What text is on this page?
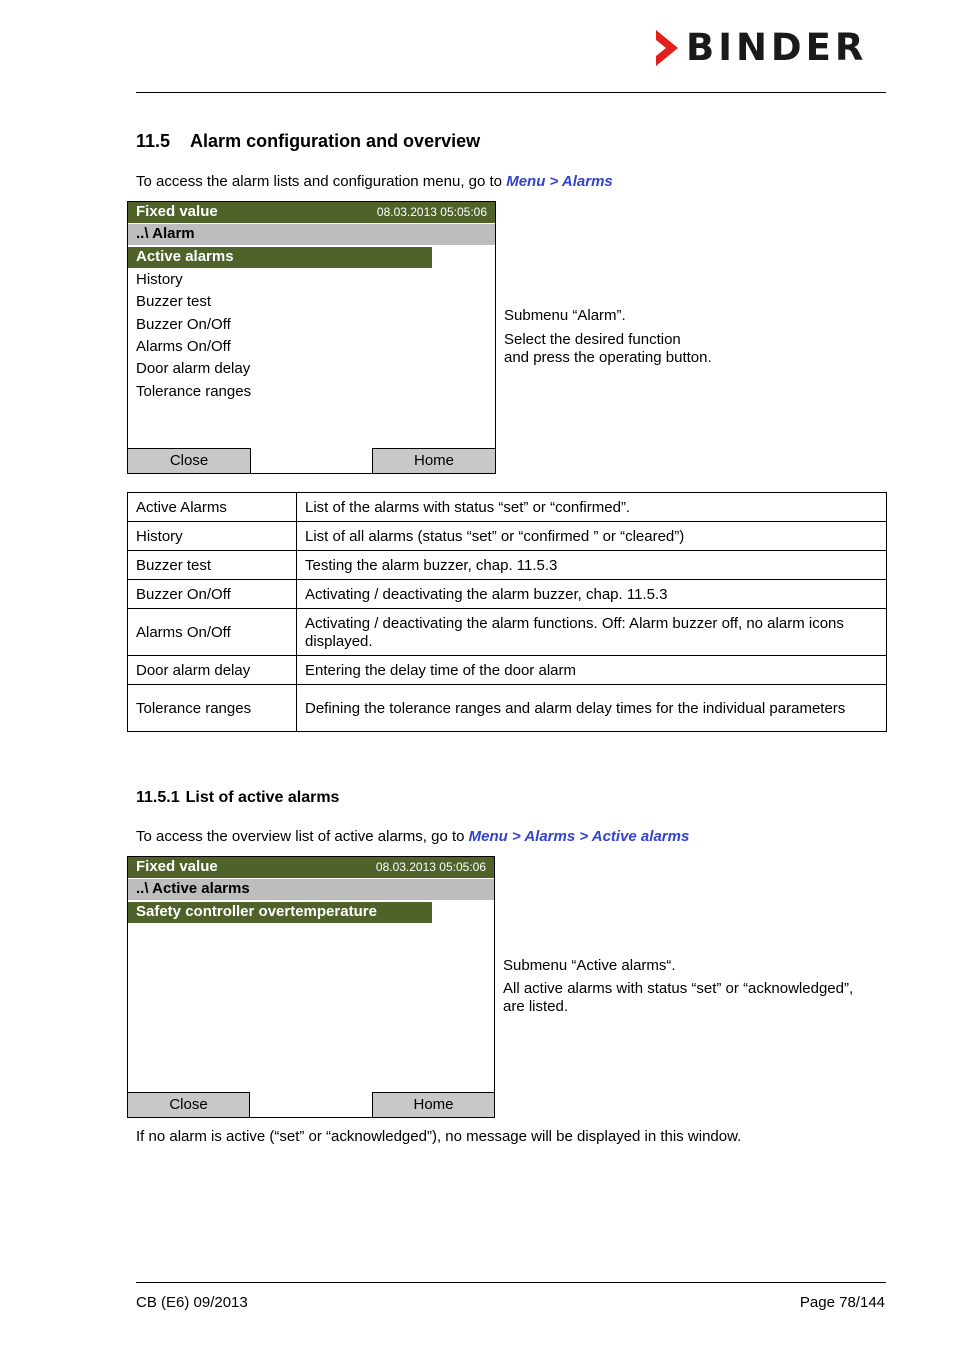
BINDER
11.5 Alarm configuration and overview
To access the alarm lists and configuration menu, go to Menu > Alarms
Fixed value	08.03.2013 05:05:06
..\ Alarm
Active alarms
History
Buzzer test
Buzzer On/Off
Alarms On/Off
Door alarm delay
Tolerance ranges
Close	Home
Submenu “Alarm”.
Select the desired function
and press the operating button.
Active Alarms	List of the alarms with status “set” or “confirmed”.
History	List of all alarms (status “set” or “confirmed ” or “cleared”)
Buzzer test	Testing the alarm buzzer, chap. 11.5.3
Buzzer On/Off	Activating / deactivating the alarm buzzer, chap. 11.5.3
Alarms On/Off	Activating / deactivating the alarm functions. Off: Alarm buzzer off, no alarm icons displayed.
Door alarm delay	Entering the delay time of the door alarm
Tolerance ranges	Defining the tolerance ranges and alarm delay times for the individual parameters
11.5.1 List of active alarms
To access the overview list of active alarms, go to Menu > Alarms > Active alarms
Fixed value	08.03.2013 05:05:06
..\ Active alarms
Safety controller overtemperature
Close	Home
Submenu “Active alarms“.
All active alarms with status “set” or “acknowledged”,
are listed.
If no alarm is active (“set” or “acknowledged”), no message will be displayed in this window.
CB (E6) 09/2013	Page 78/144
